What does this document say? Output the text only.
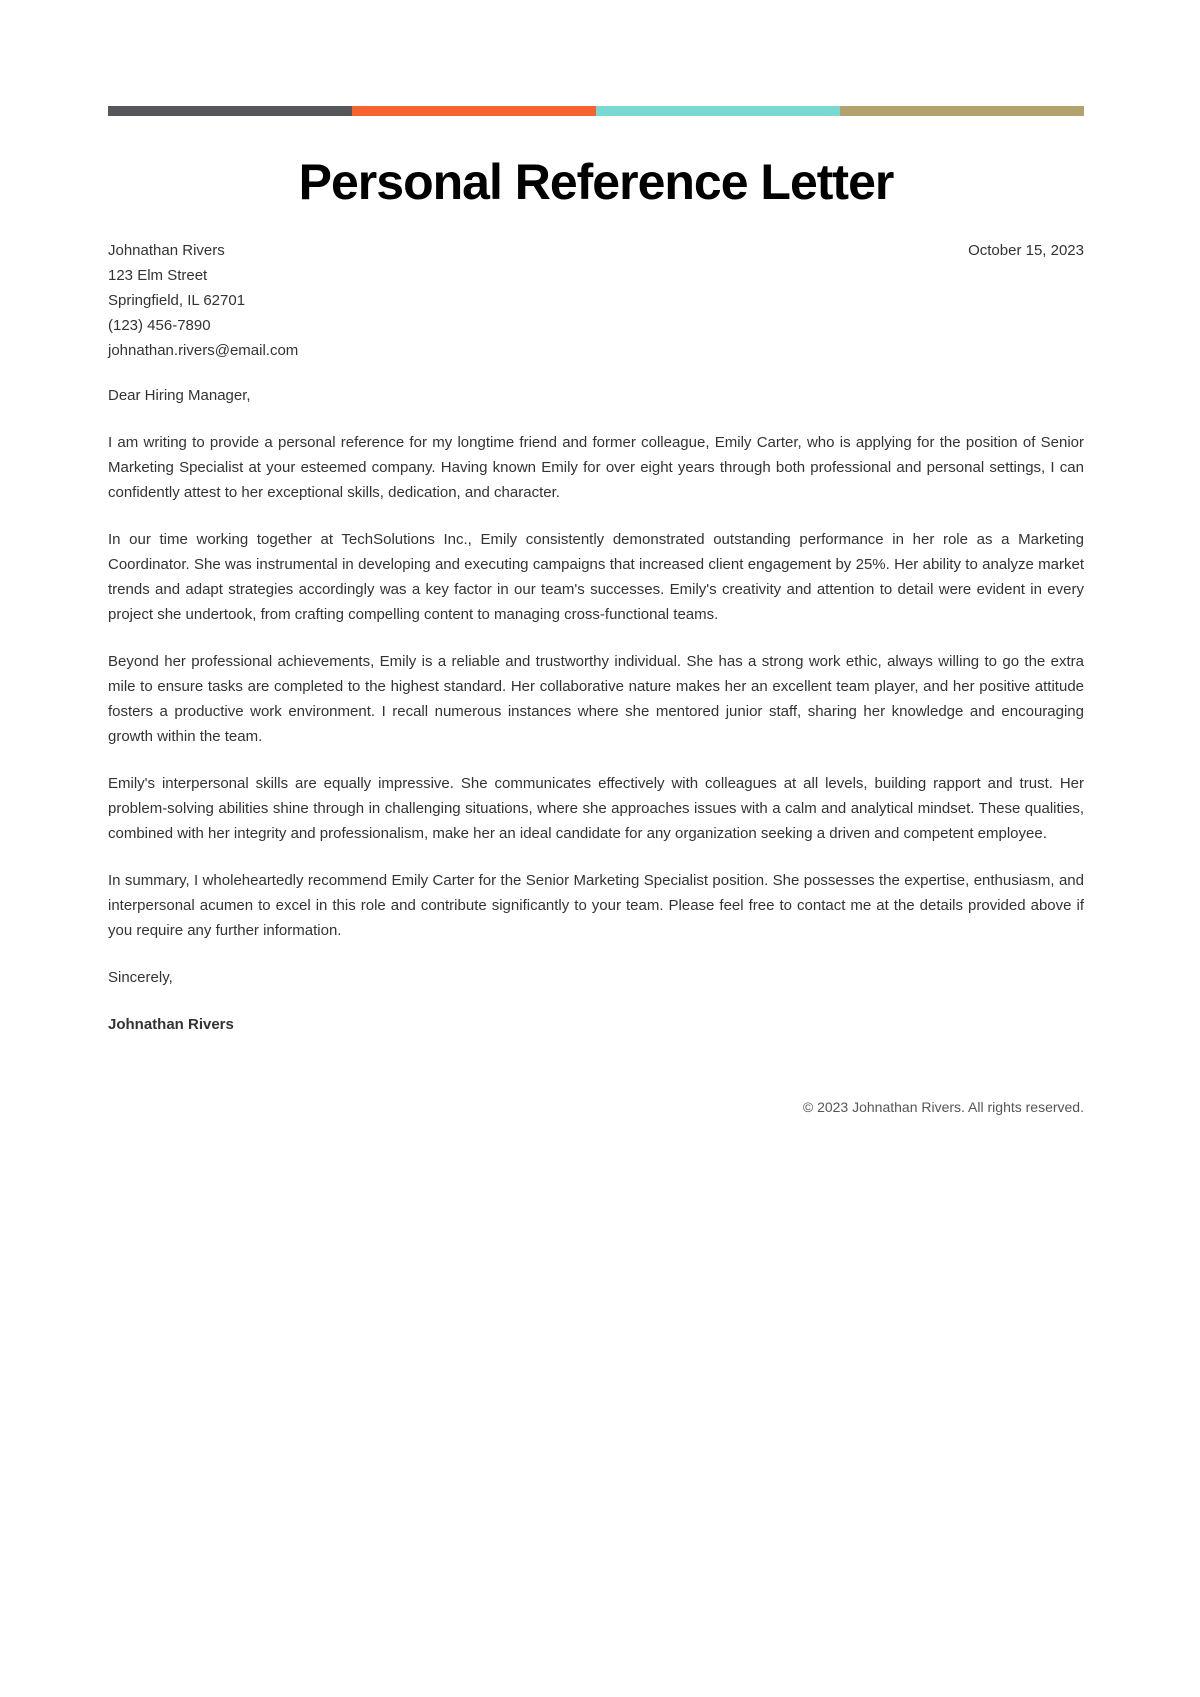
Personal Reference Letter
Johnathan Rivers
123 Elm Street
Springfield, IL 62701
(123) 456-7890
johnathan.rivers@email.com
October 15, 2023
Dear Hiring Manager,

I am writing to provide a personal reference for my longtime friend and former colleague, Emily Carter, who is applying for the position of Senior Marketing Specialist at your esteemed company. Having known Emily for over eight years through both professional and personal settings, I can confidently attest to her exceptional skills, dedication, and character.

In our time working together at TechSolutions Inc., Emily consistently demonstrated outstanding performance in her role as a Marketing Coordinator. She was instrumental in developing and executing campaigns that increased client engagement by 25%. Her ability to analyze market trends and adapt strategies accordingly was a key factor in our team's successes. Emily's creativity and attention to detail were evident in every project she undertook, from crafting compelling content to managing cross-functional teams.

Beyond her professional achievements, Emily is a reliable and trustworthy individual. She has a strong work ethic, always willing to go the extra mile to ensure tasks are completed to the highest standard. Her collaborative nature makes her an excellent team player, and her positive attitude fosters a productive work environment. I recall numerous instances where she mentored junior staff, sharing her knowledge and encouraging growth within the team.

Emily's interpersonal skills are equally impressive. She communicates effectively with colleagues at all levels, building rapport and trust. Her problem-solving abilities shine through in challenging situations, where she approaches issues with a calm and analytical mindset. These qualities, combined with her integrity and professionalism, make her an ideal candidate for any organization seeking a driven and competent employee.

In summary, I wholeheartedly recommend Emily Carter for the Senior Marketing Specialist position. She possesses the expertise, enthusiasm, and interpersonal acumen to excel in this role and contribute significantly to your team. Please feel free to contact me at the details provided above if you require any further information.

Sincerely,
Johnathan Rivers
© 2023 Johnathan Rivers. All rights reserved.
